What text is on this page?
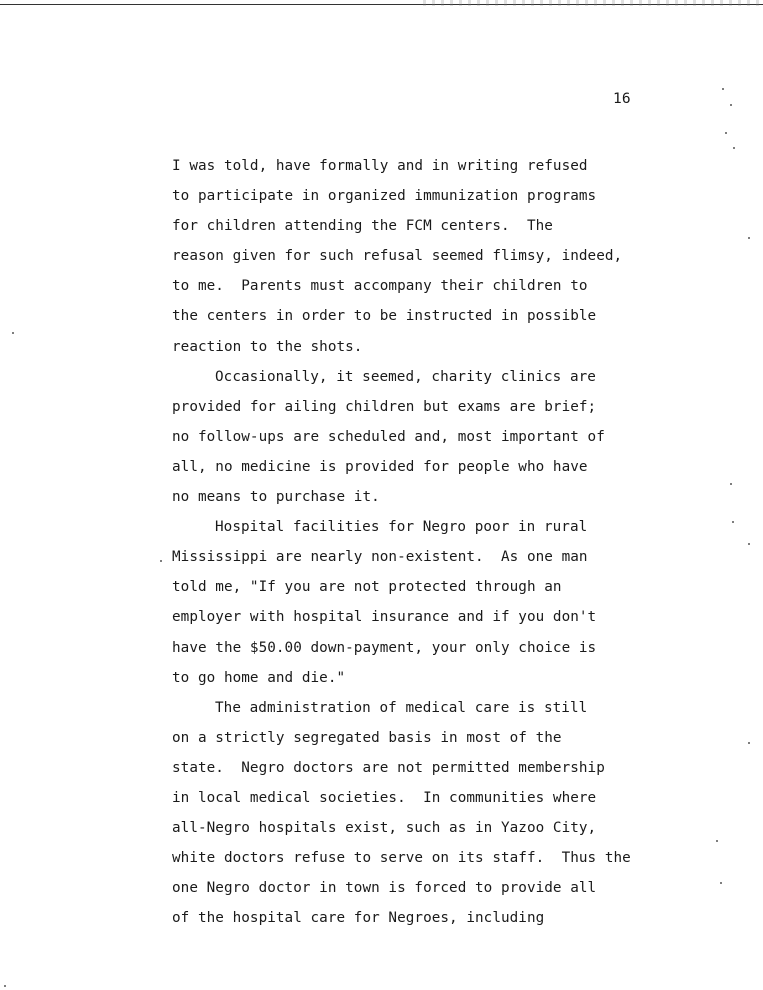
16
I was told, have formally and in writing refused
to participate in organized immunization programs
for children attending the FCM centers.  The
reason given for such refusal seemed flimsy, indeed,
to me.  Parents must accompany their children to
the centers in order to be instructed in possible
reaction to the shots.
Occasionally, it seemed, charity clinics are
provided for ailing children but exams are brief;
no follow-ups are scheduled and, most important of
all, no medicine is provided for people who have
no means to purchase it.
Hospital facilities for Negro poor in rural
Mississippi are nearly non-existent.  As one man
told me, "If you are not protected through an
employer with hospital insurance and if you don't
have the $50.00 down-payment, your only choice is
to go home and die."
The administration of medical care is still
on a strictly segregated basis in most of the
state.  Negro doctors are not permitted membership
in local medical societies.  In communities where
all-Negro hospitals exist, such as in Yazoo City,
white doctors refuse to serve on its staff.  Thus the
one Negro doctor in town is forced to provide all
of the hospital care for Negroes, including
